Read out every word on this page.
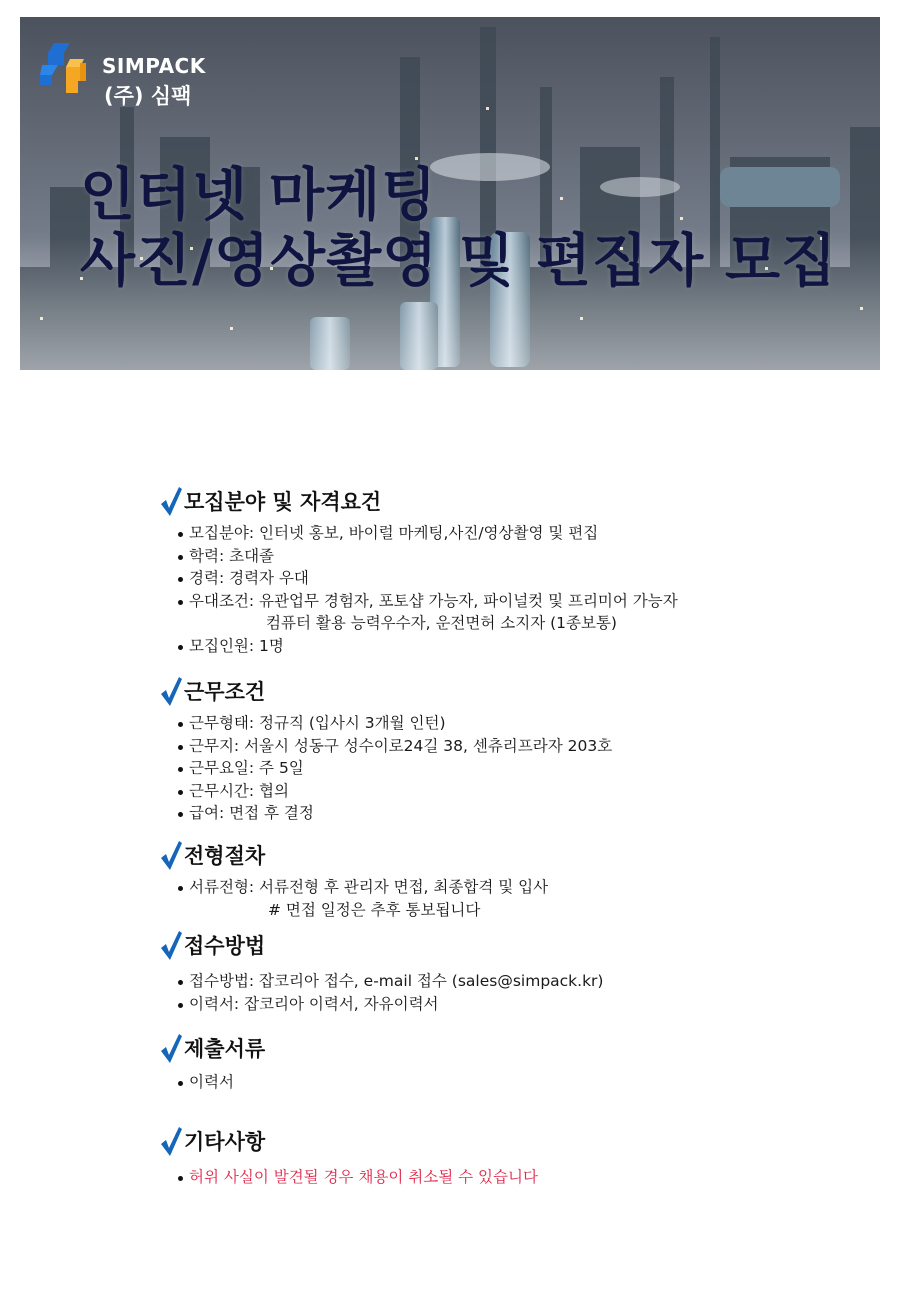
SIMPACK
(주) 심팩
인터넷 마케팅
사진/영상촬영 및 편집자 모집
모집분야 및 자격요건
모집분야: 인터넷 홍보, 바이럴 마케팅,사진/영상촬영 및 편집
학력: 초대졸
경력: 경력자 우대
우대조건: 유관업무 경험자, 포토샵 가능자, 파이널컷 및 프리미어 가능자
컴퓨터 활용 능력우수자, 운전면허 소지자 (1종보통)
모집인원: 1명
근무조건
근무형태: 정규직 (입사시 3개월 인턴)
근무지: 서울시 성동구 성수이로24길 38, 센츄리프라자 203호
근무요일: 주 5일
근무시간: 협의
급여: 면접 후 결정
전형절차
서류전형: 서류전형 후 관리자 면접, 최종합격 및 입사
# 면접 일정은 추후 통보됩니다
접수방법
접수방법: 잡코리아 접수, e-mail 접수 (sales@simpack.kr)
이력서: 잡코리아 이력서, 자유이력서
제출서류
이력서
기타사항
허위 사실이 발견될 경우 채용이 취소될 수 있습니다
